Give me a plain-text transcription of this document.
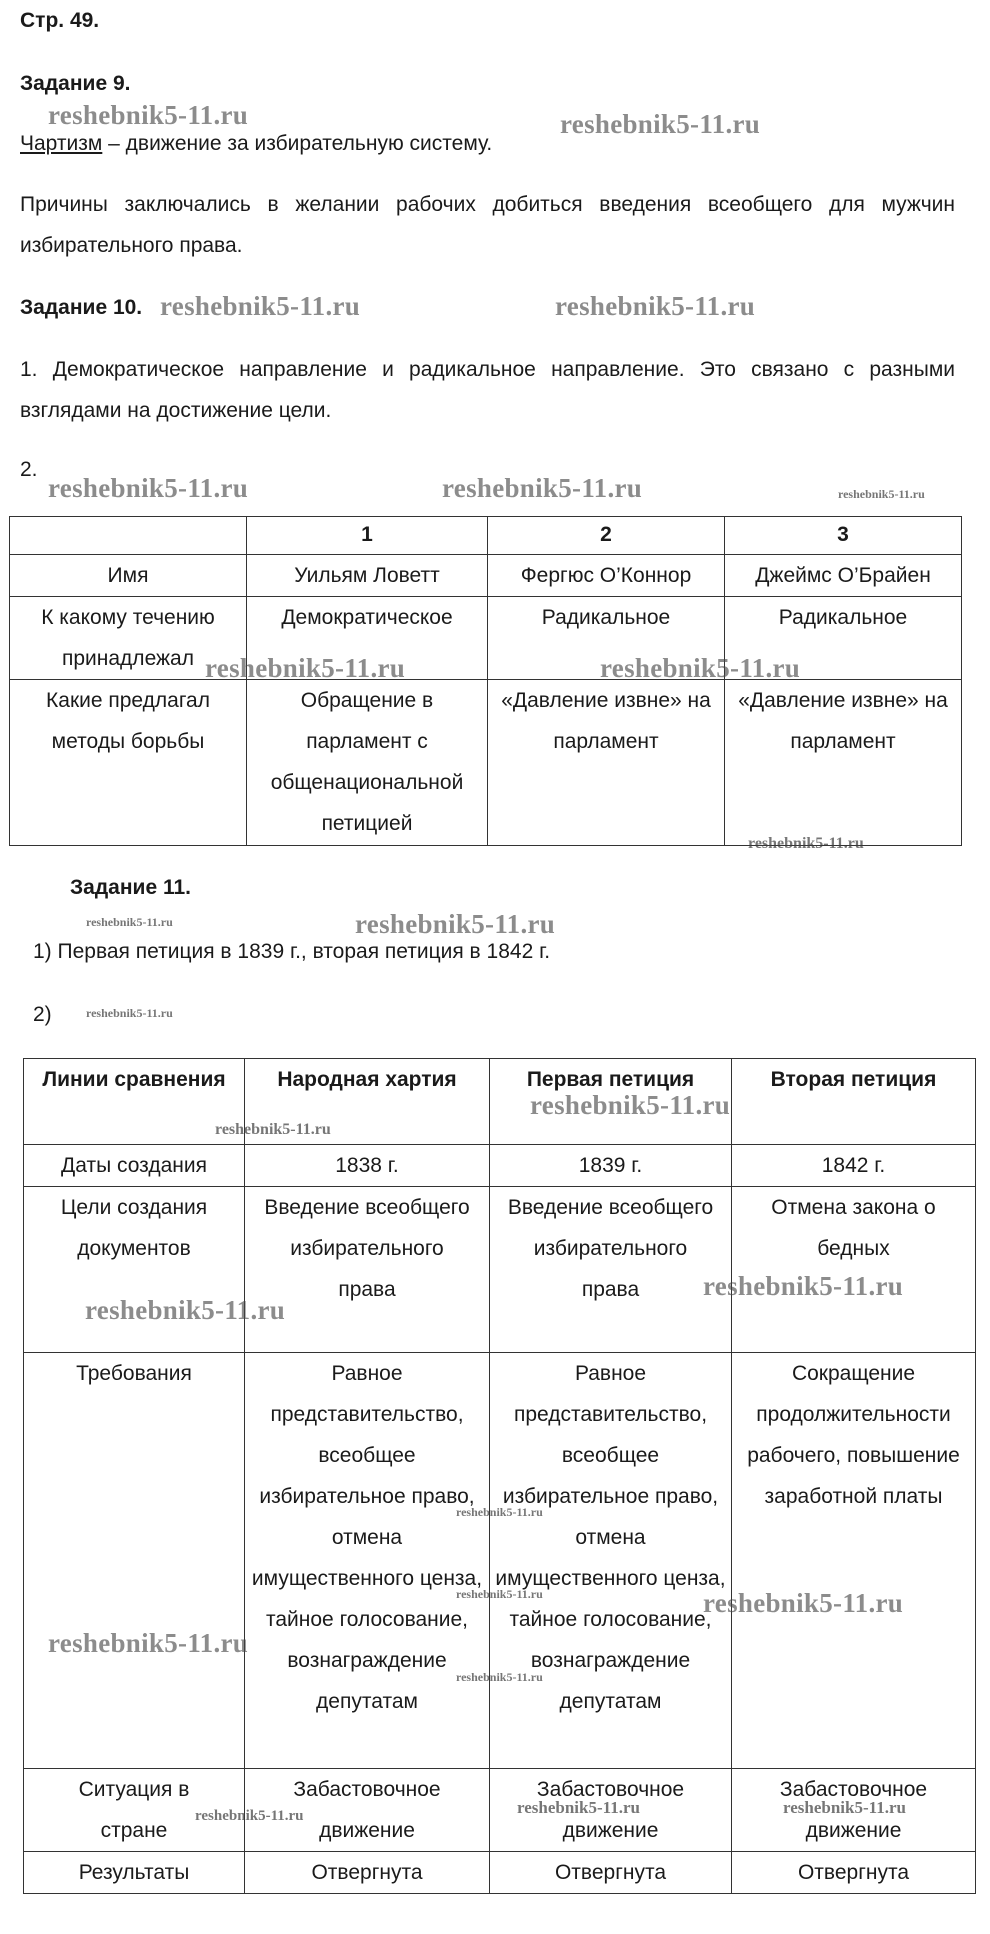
Стр. 49.
Задание 9.
Чартизм – движение за избирательную систему.
Причины заключались в желании рабочих добиться введения всеобщего для мужчин избирательного права.
Задание 10.
1. Демократическое направление и радикальное направление. Это связано с разными взглядами на достижение цели.
2.
	1	2	3
Имя	Уильям Ловетт	Фергюс О’Коннор	Джеймс О’Брайен
К какому течению принадлежал	Демократическое	Радикальное	Радикальное
Какие предлагал методы борьбы	Обращение в парламент с общенациональной петицией	«Давление извне» на парламент	«Давление извне» на парламент
Задание 11.
1) Первая петиция в 1839 г., вторая петиция в 1842 г.
2)
Линии сравнения	Народная хартия	Первая петиция	Вторая петиция
Даты создания	1838 г.	1839 г.	1842 г.
Цели создания документов	Введение всеобщего избирательного права	Введение всеобщего избирательного права	Отмена закона о бедных
Требования	Равное представительство, всеобщее избирательное право, отмена имущественного ценза, тайное голосование, вознаграждение депутатам	Равное представительство, всеобщее избирательное право, отмена имущественного ценза, тайное голосование, вознаграждение депутатам	Сокращение продолжительности рабочего, повышение заработной платы
Ситуация в стране	Забастовочное движение	Забастовочное движение	Забастовочное движение
Результаты	Отвергнута	Отвергнута	Отвергнута
reshebnik5-11.ru	reshebnik5-11.ru
reshebnik5-11.ru	reshebnik5-11.ru
reshebnik5-11.ru	reshebnik5-11.ru	reshebnik5-11.ru
reshebnik5-11.ru	reshebnik5-11.ru
reshebnik5-11.ru
reshebnik5-11.ru	reshebnik5-11.ru
reshebnik5-11.ru
reshebnik5-11.ru
reshebnik5-11.ru
reshebnik5-11.ru
reshebnik5-11.ru
reshebnik5-11.ru
reshebnik5-11.ru	reshebnik5-11.ru
reshebnik5-11.ru
reshebnik5-11.ru
reshebnik5-11.ru	reshebnik5-11.ru	reshebnik5-11.ru
